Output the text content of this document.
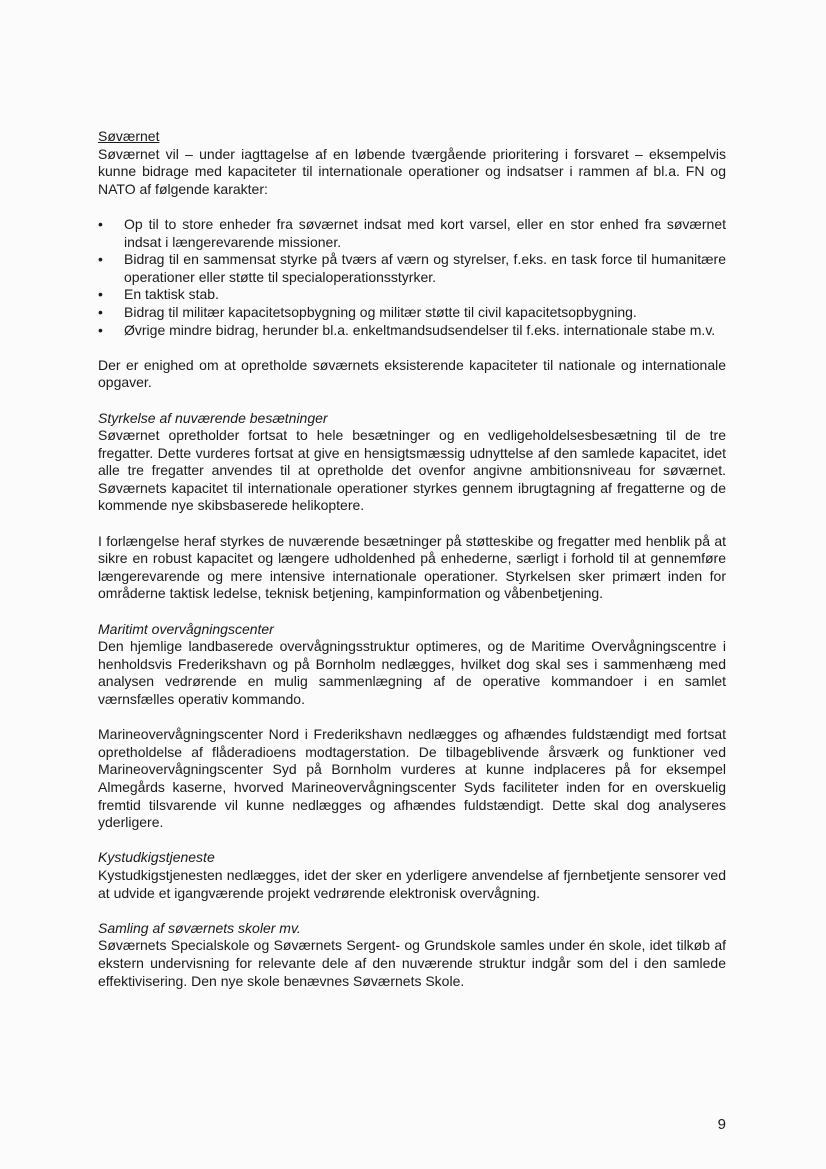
Søværnet

Søværnet vil – under iagttagelse af en løbende tværgående prioritering i forsvaret – eksempelvis kunne bidrage med kapaciteter til internationale operationer og indsatser i rammen af bl.a. FN og NATO af følgende karakter:

• Op til to store enheder fra søværnet indsat med kort varsel, eller en stor enhed fra søværnet indsat i længerevarende missioner.
• Bidrag til en sammensat styrke på tværs af værn og styrelser, f.eks. en task force til humanitære operationer eller støtte til specialoperationsstyrker.
• En taktisk stab.
• Bidrag til militær kapacitetsopbygning og militær støtte til civil kapacitetsopbygning.
• Øvrige mindre bidrag, herunder bl.a. enkeltmandsudsendelser til f.eks. internationale stabe m.v.

Der er enighed om at opretholde søværnets eksisterende kapaciteter til nationale og internationale opgaver.

Styrkelse af nuværende besætninger

Søværnet opretholder fortsat to hele besætninger og en vedligeholdelsesbesætning til de tre fregatter. Dette vurderes fortsat at give en hensigtsmæssig udnyttelse af den samlede kapacitet, idet alle tre fregatter anvendes til at opretholde det ovenfor angivne ambitionsniveau for søværnet. Søværnets kapacitet til internationale operationer styrkes gennem ibrugtagning af fregatterne og de kommende nye skibsbaserede helikoptere.

I forlængelse heraf styrkes de nuværende besætninger på støtteskibe og fregatter med henblik på at sikre en robust kapacitet og længere udholdenhed på enhederne, særligt i forhold til at gennemføre længerevarende og mere intensive internationale operationer. Styrkelsen sker primært inden for områderne taktisk ledelse, teknisk betjening, kampinformation og våbenbetjening.

Maritimt overvågningscenter

Den hjemlige landbaserede overvågningsstruktur optimeres, og de Maritime Overvågningscentre i henholdsvis Frederikshavn og på Bornholm nedlægges, hvilket dog skal ses i sammenhæng med analysen vedrørende en mulig sammenlægning af de operative kommandoer i en samlet værnsfælles operativ kommando.

Marineovervågningscenter Nord i Frederikshavn nedlægges og afhændes fuldstændigt med fortsat opretholdelse af flåderadioens modtagerstation. De tilbageblivende årsværk og funktioner ved Marineovervågningscenter Syd på Bornholm vurderes at kunne indplaceres på for eksempel Almegårds kaserne, hvorved Marineovervågningscenter Syds faciliteter inden for en overskuelig fremtid tilsvarende vil kunne nedlægges og afhændes fuldstændigt. Dette skal dog analyseres yderligere.

Kystudkigstjeneste

Kystudkigstjenesten nedlægges, idet der sker en yderligere anvendelse af fjernbetjente sensorer ved at udvide et igangværende projekt vedrørende elektronisk overvågning.

Samling af søværnets skoler mv.

Søværnets Specialskole og Søværnets Sergent- og Grundskole samles under én skole, idet tilkøb af ekstern undervisning for relevante dele af den nuværende struktur indgår som del i den samlede effektivisering. Den nye skole benævnes Søværnets Skole.

9
